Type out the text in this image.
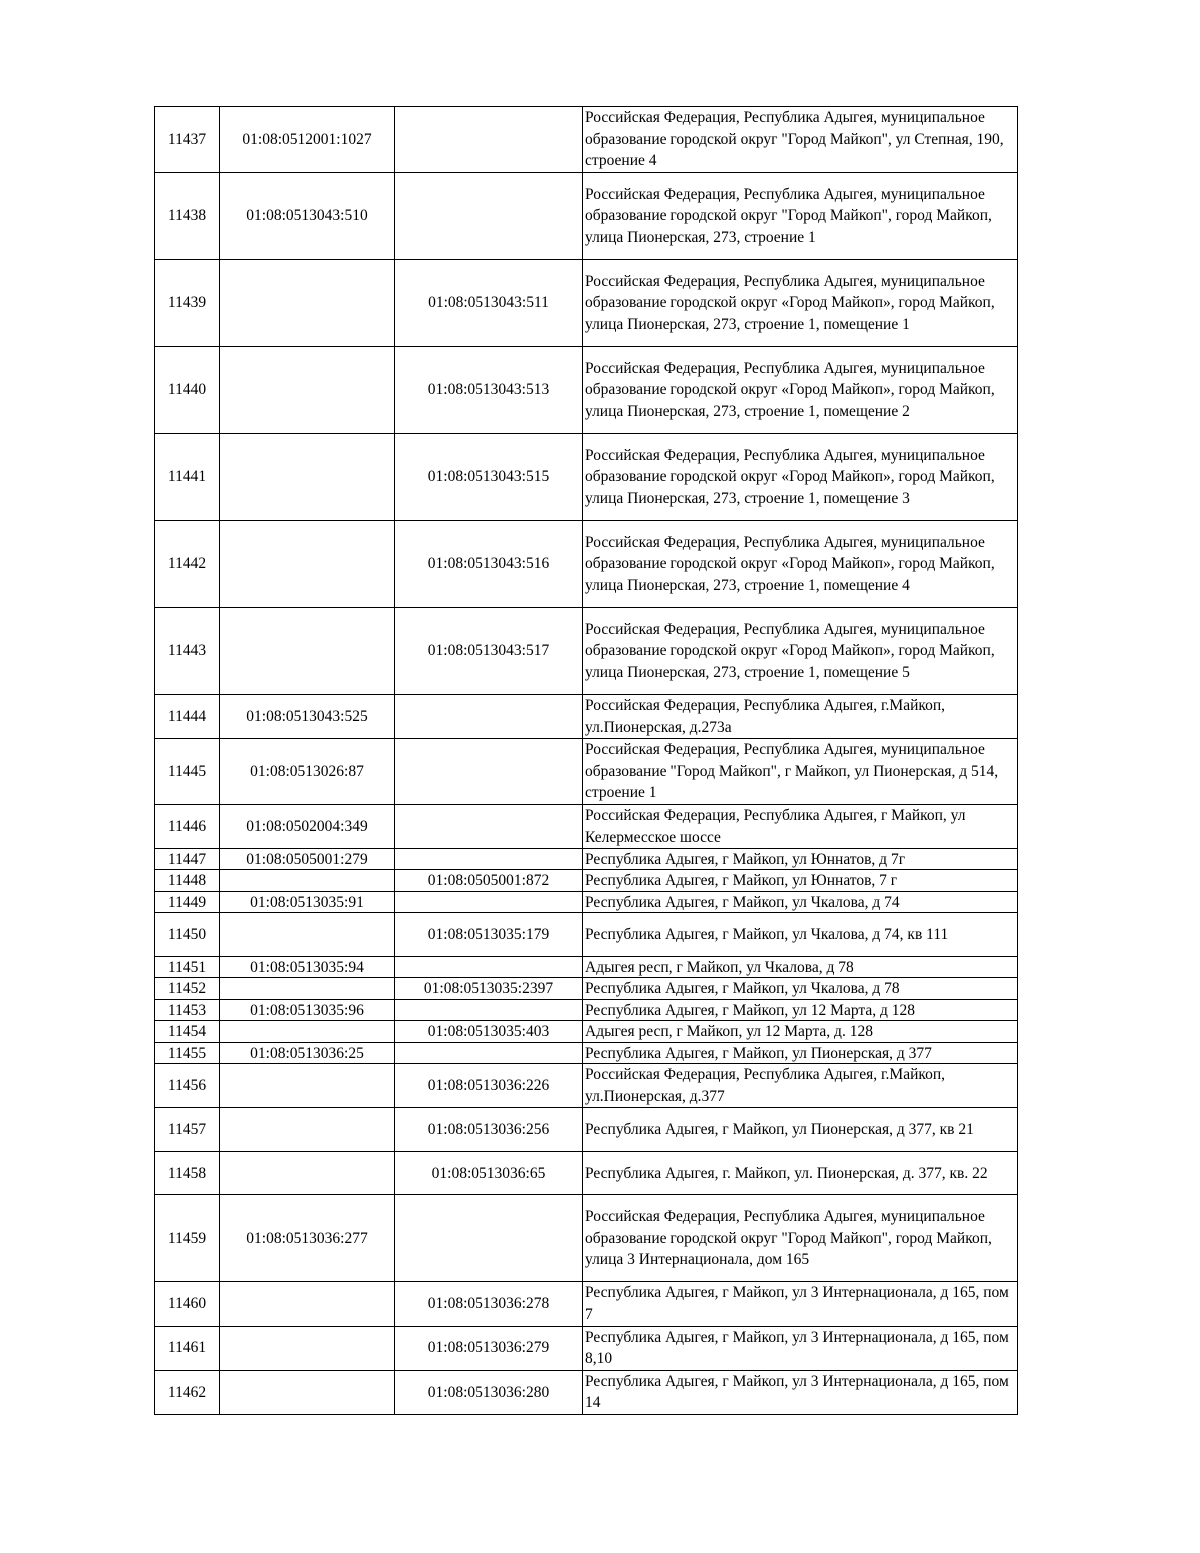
11437	01:08:0512001:1027		Российская Федерация, Республика Адыгея, муниципальное образование городской округ "Город Майкоп", ул Степная, 190, строение 4
11438	01:08:0513043:510		Российская Федерация, Республика Адыгея, муниципальное образование городской округ "Город Майкоп", город Майкоп, улица Пионерская, 273, строение 1
11439		01:08:0513043:511	Российская Федерация, Республика Адыгея, муниципальное образование городской округ «Город Майкоп», город Майкоп, улица Пионерская, 273, строение 1, помещение 1
11440		01:08:0513043:513	Российская Федерация, Республика Адыгея, муниципальное образование городской округ «Город Майкоп», город Майкоп, улица Пионерская, 273, строение 1, помещение 2
11441		01:08:0513043:515	Российская Федерация, Республика Адыгея, муниципальное образование городской округ «Город Майкоп», город Майкоп, улица Пионерская, 273, строение 1, помещение 3
11442		01:08:0513043:516	Российская Федерация, Республика Адыгея, муниципальное образование городской округ «Город Майкоп», город Майкоп, улица Пионерская, 273, строение 1, помещение 4
11443		01:08:0513043:517	Российская Федерация, Республика Адыгея, муниципальное образование городской округ «Город Майкоп», город Майкоп, улица Пионерская, 273, строение 1, помещение 5
11444	01:08:0513043:525		Российская Федерация, Республика Адыгея, г.Майкоп, ул.Пионерская, д.273а
11445	01:08:0513026:87		Российская Федерация, Республика Адыгея, муниципальное образование "Город Майкоп", г Майкоп, ул Пионерская, д 514, строение 1
11446	01:08:0502004:349		Российская Федерация, Республика Адыгея, г Майкоп, ул Келермесское шоссе
11447	01:08:0505001:279		Республика Адыгея, г Майкоп, ул Юннатов, д 7г
11448		01:08:0505001:872	Республика Адыгея, г Майкоп, ул Юннатов, 7 г
11449	01:08:0513035:91		Республика Адыгея, г Майкоп, ул Чкалова, д 74
11450		01:08:0513035:179	Республика Адыгея, г Майкоп, ул Чкалова, д 74, кв 111
11451	01:08:0513035:94		Адыгея респ, г Майкоп, ул Чкалова, д 78
11452		01:08:0513035:2397	Республика Адыгея, г Майкоп, ул Чкалова, д 78
11453	01:08:0513035:96		Республика Адыгея, г Майкоп, ул 12 Марта, д 128
11454		01:08:0513035:403	Адыгея респ, г Майкоп, ул 12 Марта, д. 128
11455	01:08:0513036:25		Республика Адыгея, г Майкоп, ул Пионерская, д 377
11456		01:08:0513036:226	Российская Федерация, Республика Адыгея, г.Майкоп, ул.Пионерская, д.377
11457		01:08:0513036:256	Республика Адыгея, г Майкоп, ул Пионерская, д 377, кв 21
11458		01:08:0513036:65	Республика Адыгея, г. Майкоп, ул. Пионерская, д. 377, кв. 22
11459	01:08:0513036:277		Российская Федерация, Республика Адыгея, муниципальное образование городской округ "Город Майкоп", город Майкоп, улица 3 Интернационала, дом 165
11460		01:08:0513036:278	Республика Адыгея, г Майкоп, ул 3 Интернационала, д 165, пом 7
11461		01:08:0513036:279	Республика Адыгея, г Майкоп, ул 3 Интернационала, д 165, пом 8,10
11462		01:08:0513036:280	Республика Адыгея, г Майкоп, ул 3 Интернационала, д 165, пом 14
